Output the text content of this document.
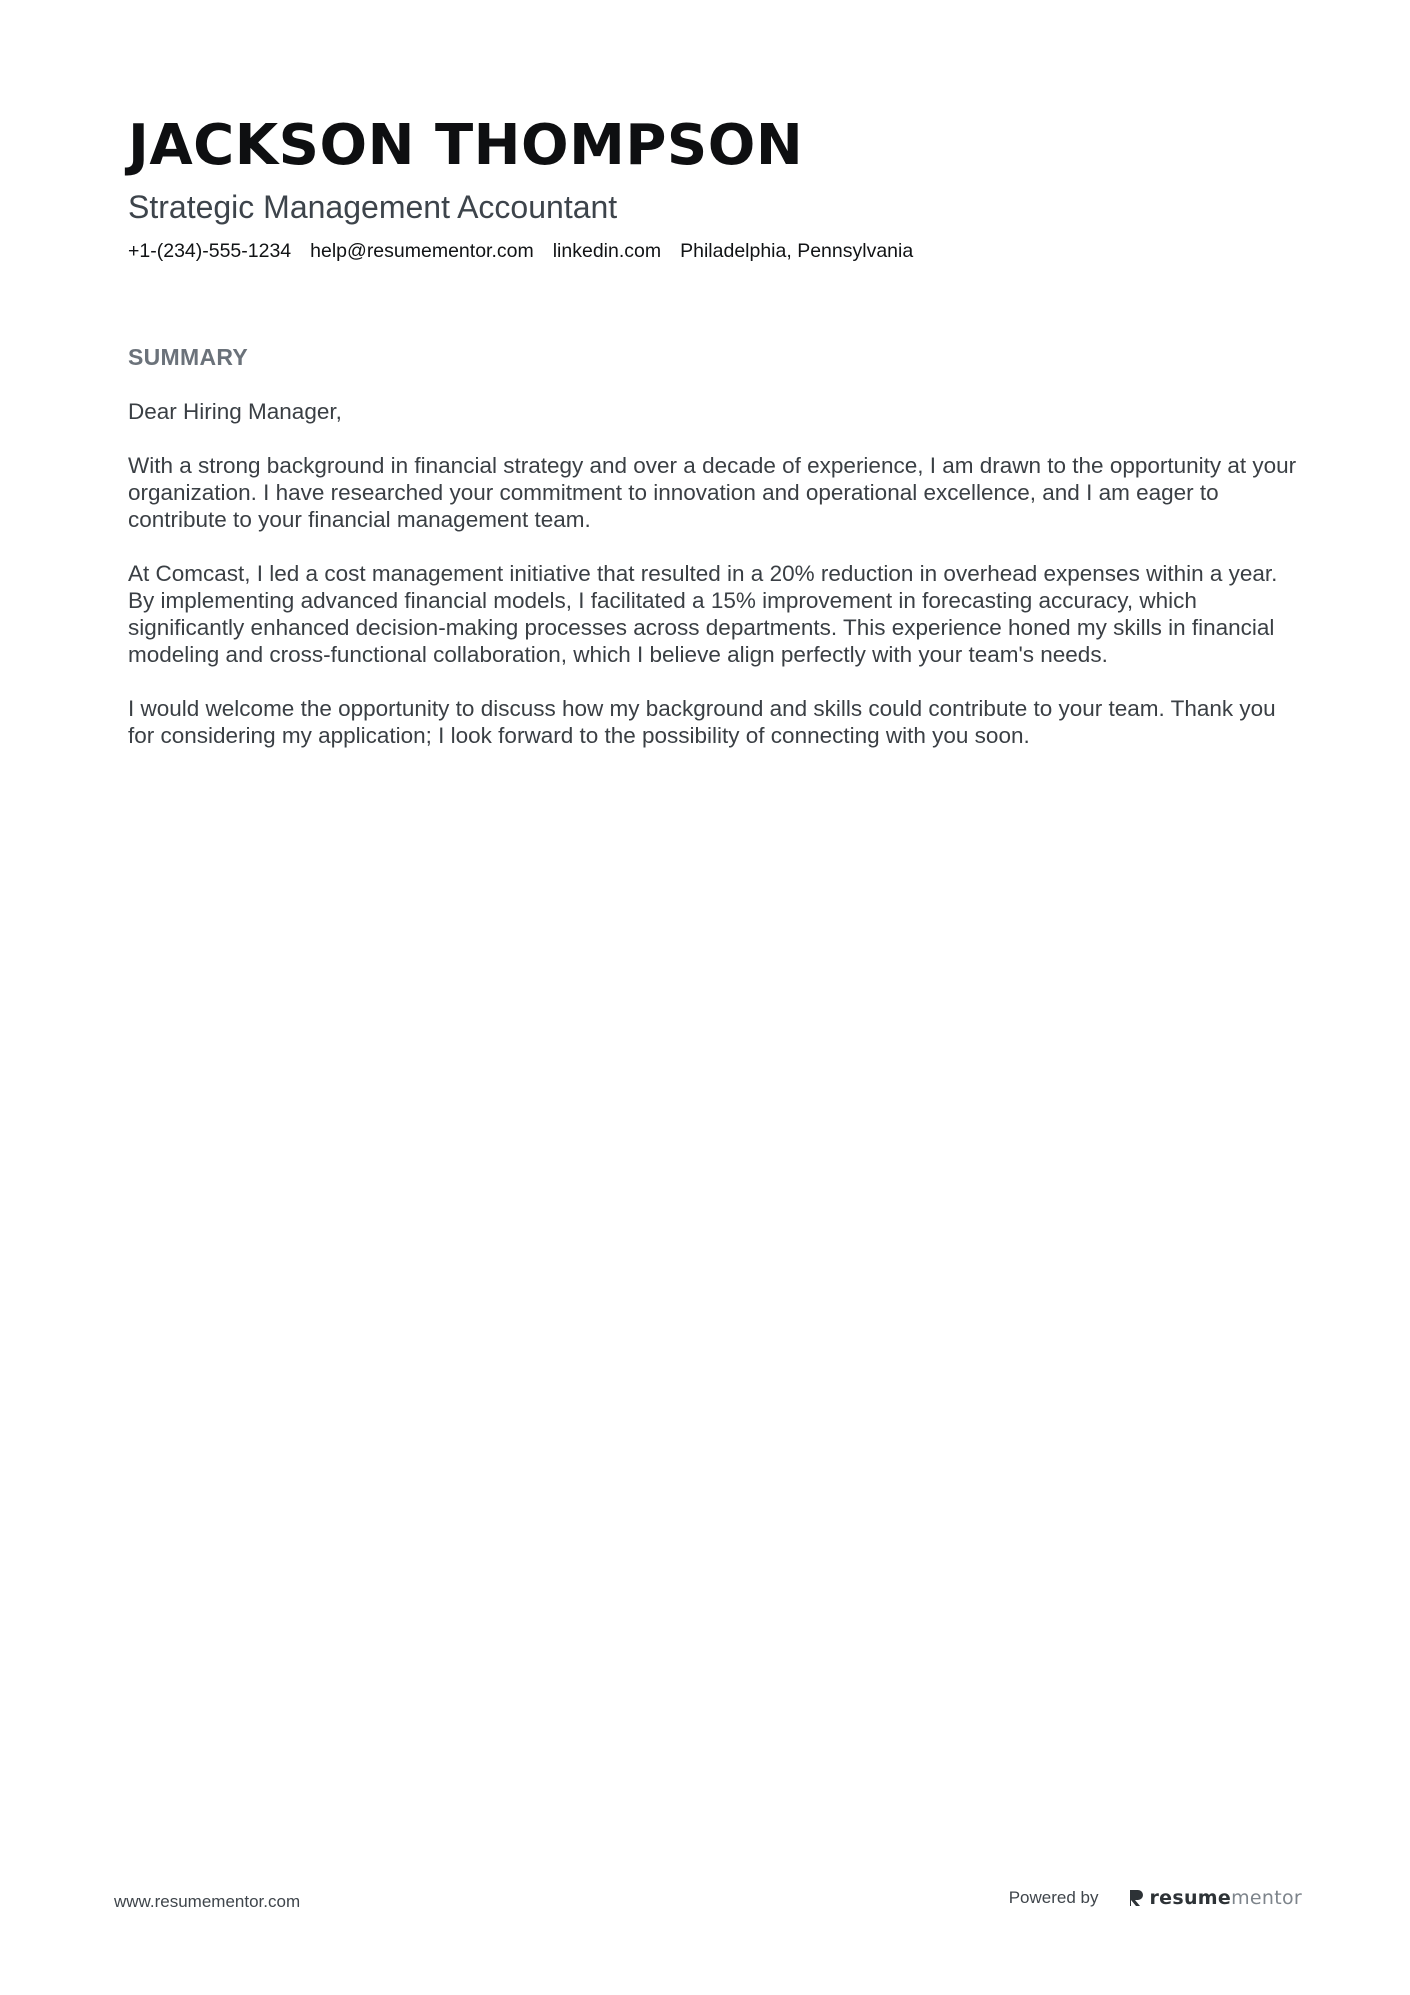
JACKSON THOMPSON
Strategic Management Accountant
+1-(234)-555-1234 help@resumementor.com linkedin.com Philadelphia, Pennsylvania
SUMMARY

Dear Hiring Manager,

With a strong background in financial strategy and over a decade of experience, I am drawn to the opportunity at your organization. I have researched your commitment to innovation and operational excellence, and I am eager to contribute to your financial management team.

At Comcast, I led a cost management initiative that resulted in a 20% reduction in overhead expenses within a year. By implementing advanced financial models, I facilitated a 15% improvement in forecasting accuracy, which significantly enhanced decision-making processes across departments. This experience honed my skills in financial modeling and cross-functional collaboration, which I believe align perfectly with your team's needs.

I would welcome the opportunity to discuss how my background and skills could contribute to your team. Thank you for considering my application; I look forward to the possibility of connecting with you soon.

www.resumementor.com	Powered by	resume mentor
